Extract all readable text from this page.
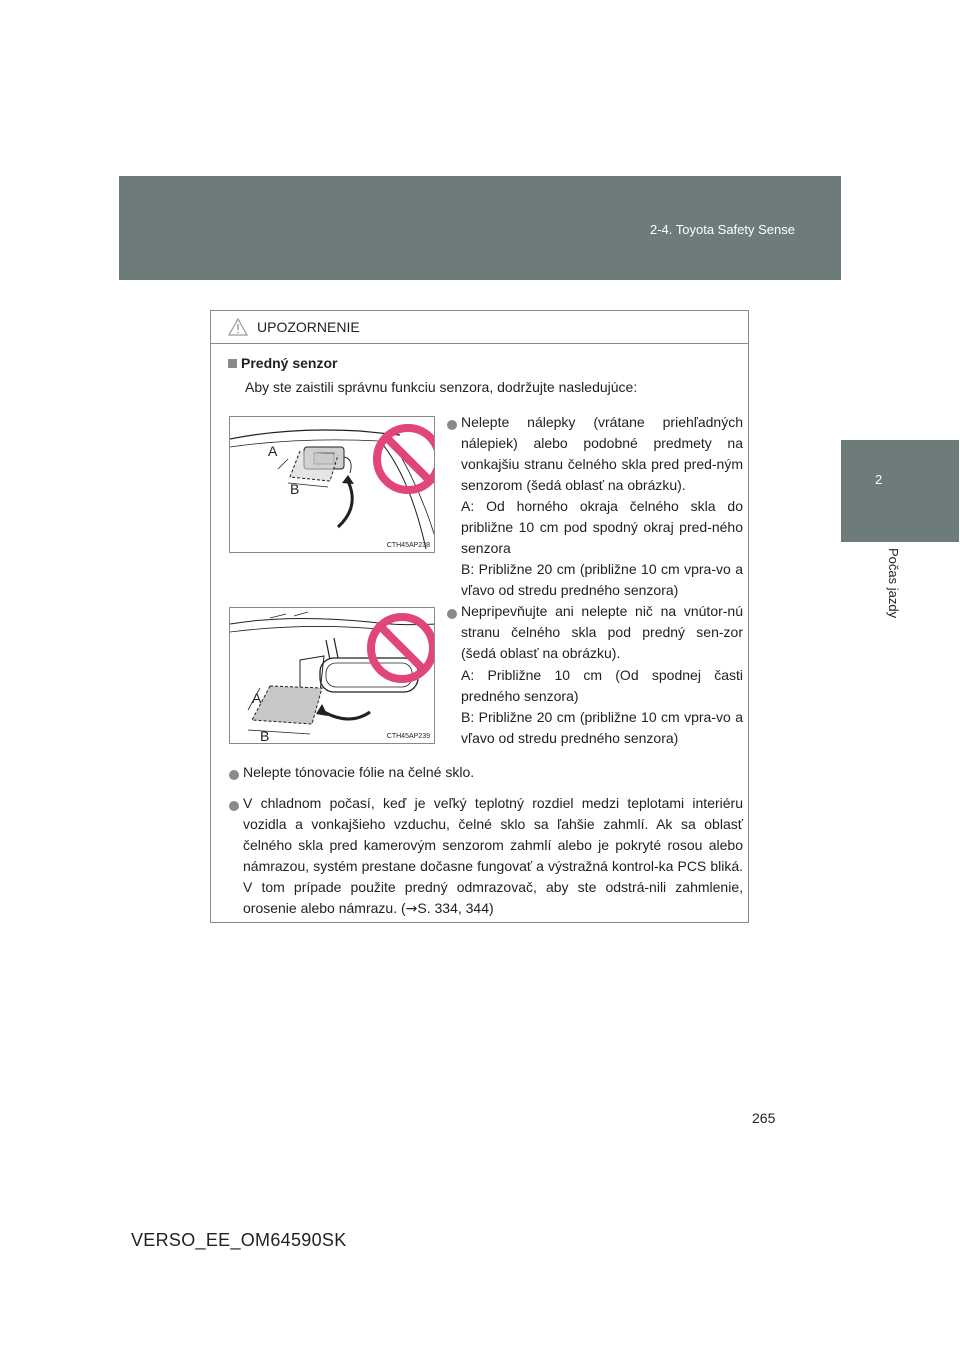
2-4. Toyota Safety Sense
2
Počas jazdy
UPOZORNENIE
Predný senzor
Aby ste zaistili správnu funkciu senzora, dodržujte nasledujúce:
A
B
CTH45AP238
Nelepte nálepky (vrátane priehľadných nálepiek) alebo podobné predmety na vonkajšiu stranu čelného skla pred pred-ným senzorom (šedá oblasť na obrázku).
A: Od horného okraja čelného skla do približne 10 cm pod spodný okraj pred-ného senzora
B: Približne 20 cm (približne 10 cm vpra-vo a vľavo od stredu predného senzora)
A
B	CTH45AP239
Nepripevňujte ani nelepte nič na vnútor-nú stranu čelného skla pod predný sen-zor (šedá oblasť na obrázku).
A: Približne 10 cm (Od spodnej časti predného senzora)
B: Približne 20 cm (približne 10 cm vpra-vo a vľavo od stredu predného senzora)
Nelepte tónovacie fólie na čelné sklo.
V chladnom počasí, keď je veľký teplotný rozdiel medzi teplotami interiéru vozidla a vonkajšieho vzduchu, čelné sklo sa ľahšie zahmlí. Ak sa oblasť čelného skla pred kamerovým senzorom zahmlí alebo je pokryté rosou alebo námrazou, systém prestane dočasne fungovať a výstražná kontrol-ka PCS bliká. V tom prípade použite predný odmrazovač, aby ste odstrá-nili zahmlenie, orosenie alebo námrazu. (→S. 334, 344)
265
VERSO_EE_OM64590SK
